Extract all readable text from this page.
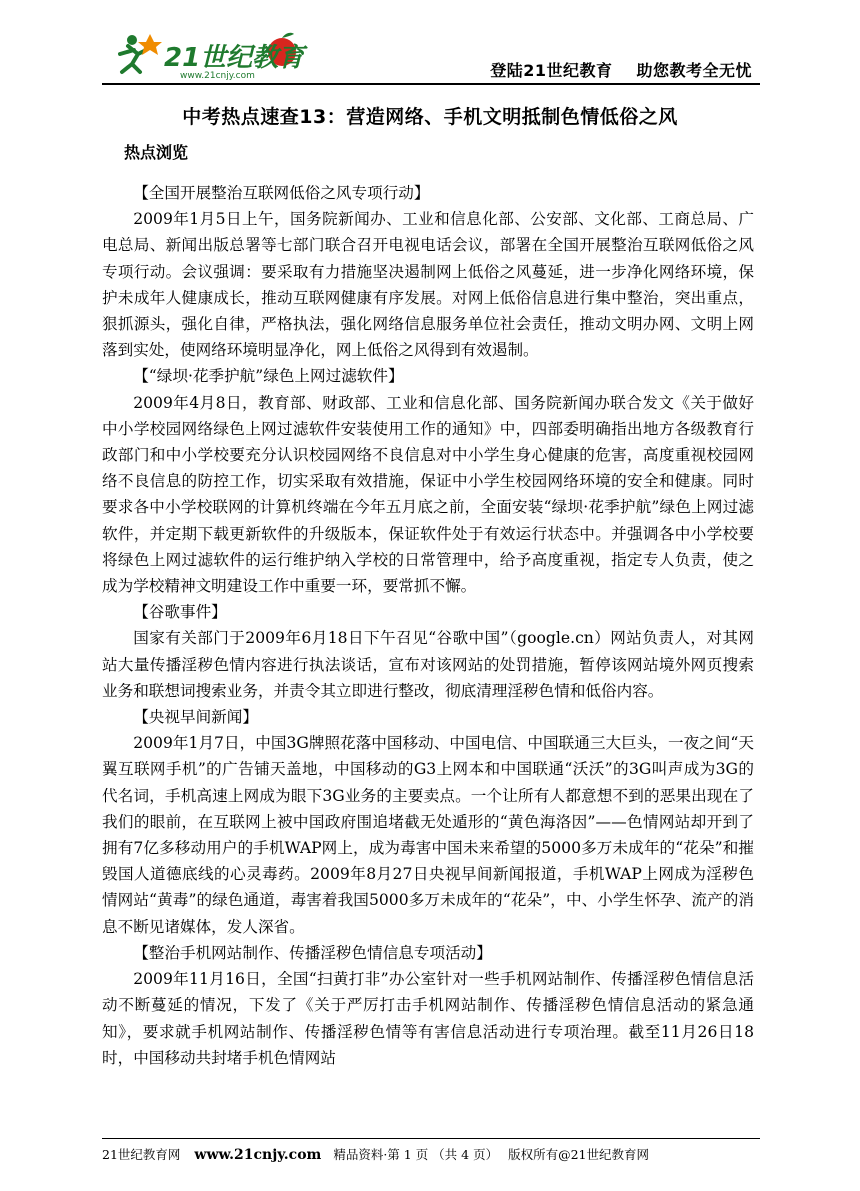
21世纪教育
www.21cnjy.com	登陆21世纪教育 助您教考全无忧
中考热点速查13：营造网络、手机文明抵制色情低俗之风
热点浏览

【全国开展整治互联网低俗之风专项行动】

2009年1月5日上午，国务院新闻办、工业和信息化部、公安部、文化部、工商总局、广电总局、新闻出版总署等七部门联合召开电视电话会议，部署在全国开展整治互联网低俗之风专项行动。会议强调：要采取有力措施坚决遏制网上低俗之风蔓延，进一步净化网络环境，保护未成年人健康成长，推动互联网健康有序发展。对网上低俗信息进行集中整治，突出重点，狠抓源头，强化自律，严格执法，强化网络信息服务单位社会责任，推动文明办网、文明上网落到实处，使网络环境明显净化，网上低俗之风得到有效遏制。

【“绿坝·花季护航”绿色上网过滤软件】

2009年4月8日，教育部、财政部、工业和信息化部、国务院新闻办联合发文《关于做好中小学校园网络绿色上网过滤软件安装使用工作的通知》中，四部委明确指出地方各级教育行政部门和中小学校要充分认识校园网络不良信息对中小学生身心健康的危害，高度重视校园网络不良信息的防控工作，切实采取有效措施，保证中小学生校园网络环境的安全和健康。同时要求各中小学校联网的计算机终端在今年五月底之前，全面安装“绿坝·花季护航”绿色上网过滤软件，并定期下载更新软件的升级版本，保证软件处于有效运行状态中。并强调各中小学校要将绿色上网过滤软件的运行维护纳入学校的日常管理中，给予高度重视，指定专人负责，使之成为学校精神文明建设工作中重要一环，要常抓不懈。

【谷歌事件】

国家有关部门于2009年6月18日下午召见“谷歌中国”（google.cn）网站负责人，对其网站大量传播淫秽色情内容进行执法谈话，宣布对该网站的处罚措施，暂停该网站境外网页搜索业务和联想词搜索业务，并责令其立即进行整改，彻底清理淫秽色情和低俗内容。

【央视早间新闻】

2009年1月7日，中国3G牌照花落中国移动、中国电信、中国联通三大巨头，一夜之间“天翼互联网手机”的广告铺天盖地，中国移动的G3上网本和中国联通“沃沃”的3G叫声成为3G的代名词，手机高速上网成为眼下3G业务的主要卖点。一个让所有人都意想不到的恶果出现在了我们的眼前，在互联网上被中国政府围追堵截无处遁形的“黄色海洛因”——色情网站却开到了拥有7亿多移动用户的手机WAP网上，成为毒害中国未来希望的5000多万未成年的“花朵”和摧毁国人道德底线的心灵毒药。2009年8月27日央视早间新闻报道，手机WAP上网成为淫秽色情网站“黄毒”的绿色通道，毒害着我国5000多万未成年的“花朵”，中、小学生怀孕、流产的消息不断见诸媒体，发人深省。

【整治手机网站制作、传播淫秽色情信息专项活动】

2009年11月16日，全国“扫黄打非”办公室针对一些手机网站制作、传播淫秽色情信息活动不断蔓延的情况，下发了《关于严厉打击手机网站制作、传播淫秽色情信息活动的紧急通知》，要求就手机网站制作、传播淫秽色情等有害信息活动进行专项治理。截至11月26日18时，中国移动共封堵手机色情网站

21世纪教育网 www.21cnjy.com 精品资料·第 1 页 （共 4 页） 版权所有@21世纪教育网
